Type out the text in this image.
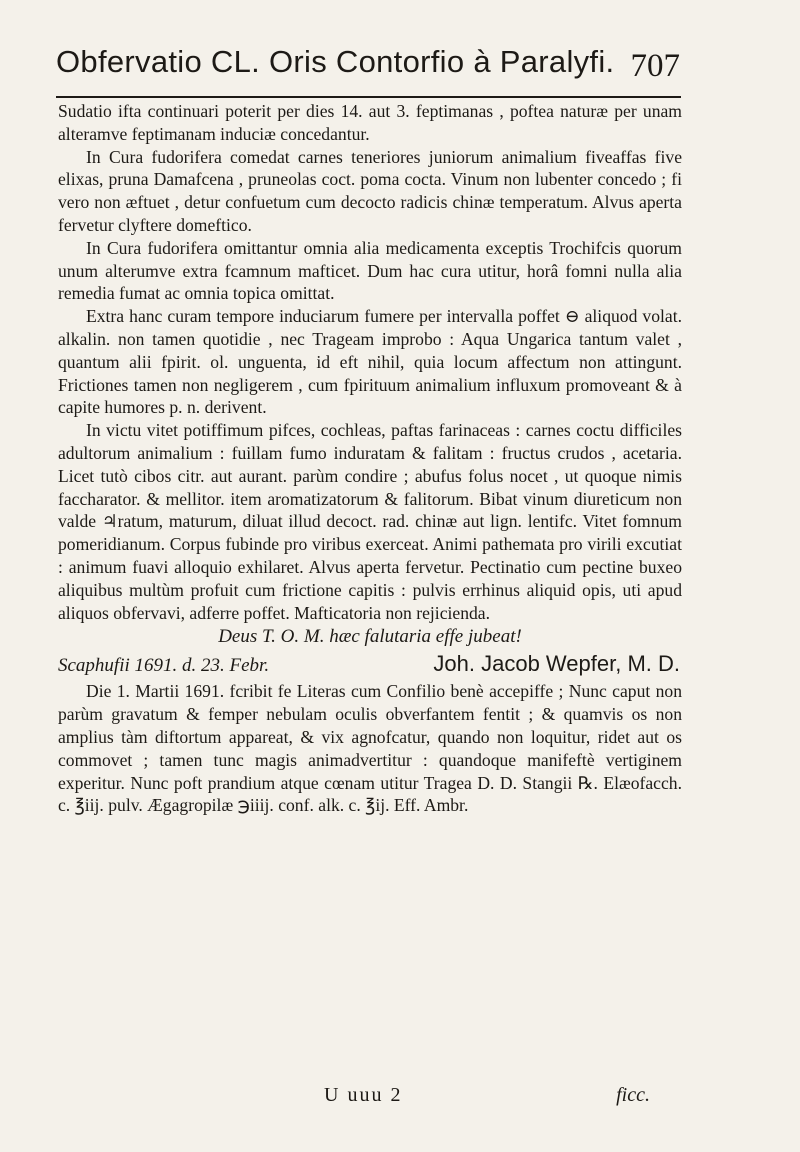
Obfervatio CL. Oris Contorfio à Paralyfi. 707

Sudatio ifta continuari poterit per dies 14. aut 3. feptimanas , poftea naturæ per unam alteramve feptimanam induciæ concedantur.

In Cura fudorifera comedat carnes teneriores juniorum animalium fiveaffas five elixas, pruna Damafcena , pruneolas coct. poma cocta. Vinum non lubenter concedo ; fi vero non æftuet , detur confuetum cum decocto radicis chinæ temperatum. Alvus aperta fervetur clyftere domeftico.

In Cura fudorifera omittantur omnia alia medicamenta exceptis Trochifcis quorum unum alterumve extra fcamnum mafticet. Dum hac cura utitur, horâ fomni nulla alia remedia fumat ac omnia topica omittat.

Extra hanc curam tempore induciarum fumere per intervalla poffet ⊖ aliquod volat. alkalin. non tamen quotidie , nec Trageam improbo : Aqua Ungarica tantum valet , quantum alii fpirit. ol. unguenta, id eft nihil, quia locum affectum non attingunt. Frictiones tamen non negligerem , cum fpirituum animalium influxum promoveant & à capite humores p. n. derivent.

In victu vitet potiffimum pifces, cochleas, paftas farinaceas : carnes coctu difficiles adultorum animalium : fuillam fumo induratam & falitam : fructus crudos , acetaria. Licet tutò cibos citr. aut aurant. parùm condire ; abufus folus nocet , ut quoque nimis faccharator. & mellitor. item aromatizatorum & falitorum. Bibat vinum diureticum non valde ♃ratum, maturum, diluat illud decoct. rad. chinæ aut lign. lentifc. Vitet fomnum pomeridianum. Corpus fubinde pro viribus exerceat. Animi pathemata pro virili excutiat : animum fuavi alloquio exhilaret. Alvus aperta fervetur. Pectinatio cum pectine buxeo aliquibus multùm profuit cum frictione capitis : pulvis errhinus aliquid opis, uti apud aliquos obfervavi, adferre poffet. Mafticatoria non rejicienda.

Deus T. O. M. hæc falutaria effe jubeat!

Scaphufii 1691. d. 23. Febr.	Joh. Jacob Wepfer, M. D.

Die 1. Martii 1691. fcribit fe Literas cum Confilio benè accepiffe ; Nunc caput non parùm gravatum & femper nebulam oculis obverfantem fentit ; & quamvis os non amplius tàm diftortum appareat, & vix agnofcatur, quando non loquitur, ridet aut os commovet ; tamen tunc magis animadvertitur : quandoque manifeftè vertiginem experitur. Nunc poft prandium atque cœnam utitur Tragea D. D. Stangii ℞. Elæofacch. c. ℥iij. pulv. Ægagropilæ ℈iiij. conf. alk. c. ℥ij. Eff. Ambr.

U uuu 2	ficc.
